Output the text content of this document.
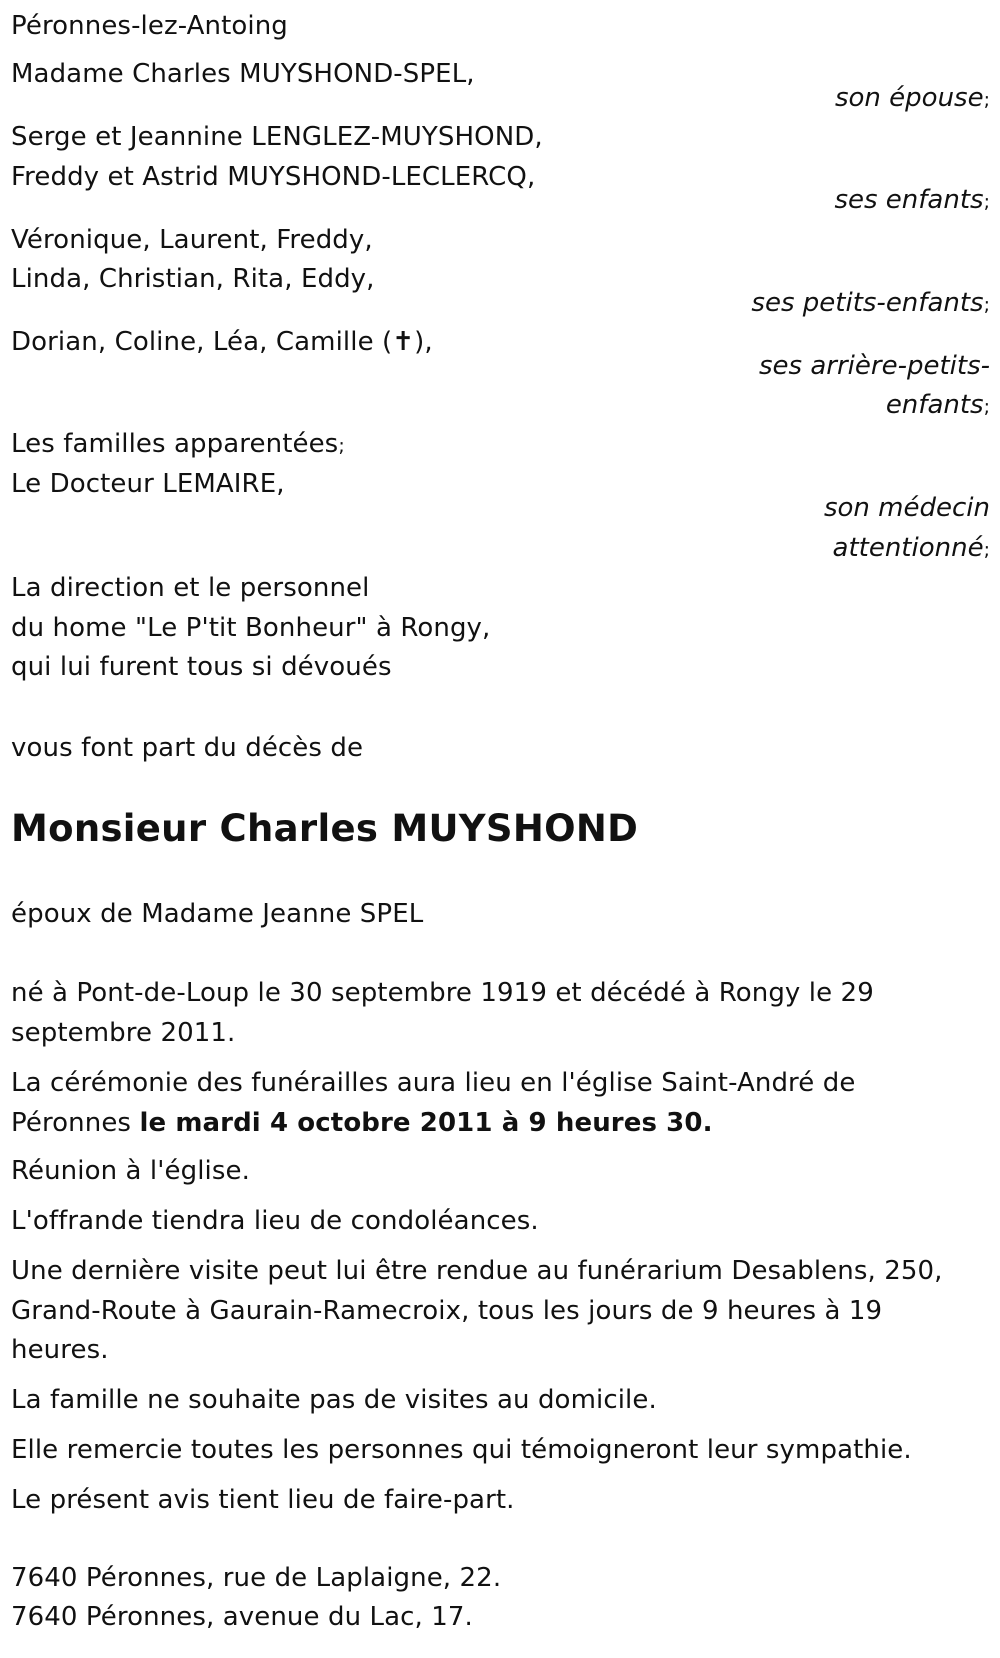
Péronnes-lez-Antoing
Madame Charles MUYSHOND-SPEL,
son épouse;
Serge et Jeannine LENGLEZ-MUYSHOND,
Freddy et Astrid MUYSHOND-LECLERCQ,
ses enfants;
Véronique, Laurent, Freddy,
Linda, Christian, Rita, Eddy,
ses petits-enfants;
Dorian, Coline, Léa, Camille (✝),
ses arrière-petits-
enfants;
Les familles apparentées;
Le Docteur LEMAIRE,
son médecin
attentionné;
La direction et le personnel
du home "Le P'tit Bonheur" à Rongy,
qui lui furent tous si dévoués
vous font part du décès de
Monsieur Charles MUYSHOND
époux de Madame Jeanne SPEL
né à Pont-de-Loup le 30 septembre 1919 et décédé à Rongy le 29
septembre 2011.
La cérémonie des funérailles aura lieu en l'église Saint-André de
Péronnes le mardi 4 octobre 2011 à 9 heures 30.
Réunion à l'église.
L'offrande tiendra lieu de condoléances.
Une dernière visite peut lui être rendue au funérarium Desablens, 250,
Grand-Route à Gaurain-Ramecroix, tous les jours de 9 heures à 19
heures.
La famille ne souhaite pas de visites au domicile.
Elle remercie toutes les personnes qui témoigneront leur sympathie.
Le présent avis tient lieu de faire-part.
7640 Péronnes, rue de Laplaigne, 22.
7640 Péronnes, avenue du Lac, 17.
